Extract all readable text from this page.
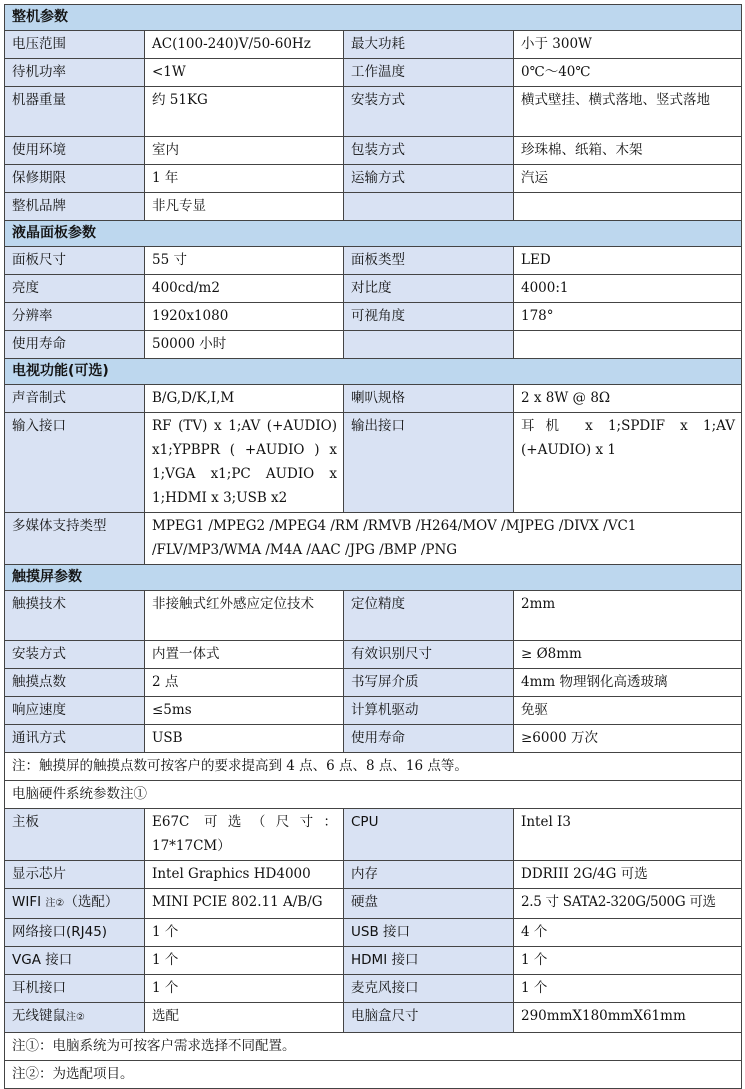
整机参数			
电压范围	AC(100-240)V/50-60Hz	最大功耗	小于 300W
待机功率	<1W	工作温度	0℃～40℃
机器重量	约 51KG	安装方式	横式壁挂、横式落地、竖式落地
使用环境	室内	包装方式	珍珠棉、纸箱、木架
保修期限	1 年	运输方式	汽运
整机品牌	非凡专显		
液晶面板参数			
面板尺寸	55 寸	面板类型	LED
亮度	400cd/m2	对比度	4000:1
分辨率	1920x1080	可视角度	178°
使用寿命	50000 小时		
电视功能(可选)			
声音制式	B/G,D/K,I,M	喇叭规格	2 x 8W @ 8Ω
输入接口	RF (TV) x 1;AV (+AUDIO) x1;YPBPR ( +AUDIO ) x 1;VGA x1;PC AUDIO x 1;HDMI x 3;USB x2	输出接口	耳机 x 1;SPDIF x 1;AV (+AUDIO) x 1
多媒体支持类型	MPEG1 /MPEG2 /MPEG4 /RM /RMVB /H264/MOV /MJPEG /DIVX /VC1 /FLV/MP3/WMA /M4A /AAC /JPG /BMP /PNG		
触摸屏参数			
触摸技术	非接触式红外感应定位技术	定位精度	2mm
安装方式	内置一体式	有效识别尺寸	≥ Ø8mm
触摸点数	2 点	书写屏介质	4mm 物理钢化高透玻璃
响应速度	≤5ms	计算机驱动	免驱
通讯方式	USB	使用寿命	≥6000 万次
注：触摸屏的触摸点数可按客户的要求提高到 4 点、6 点、8 点、16 点等。			
电脑硬件系统参数注①			
主板	E67C 可选（尺寸：17*17CM）	CPU	Intel I3
显示芯片	Intel Graphics HD4000	内存	DDRIII 2G/4G 可选
WIFI 注②（选配）	MINI PCIE 802.11 A/B/G	硬盘	2.5 寸 SATA2-320G/500G 可选
网络接口(RJ45)	1 个	USB 接口	4 个
VGA 接口	1 个	HDMI 接口	1 个
耳机接口	1 个	麦克风接口	1 个
无线键鼠注②	选配	电脑盒尺寸	290mmX180mmX61mm
注①：电脑系统为可按客户需求选择不同配置。			
注②：为选配项目。			
